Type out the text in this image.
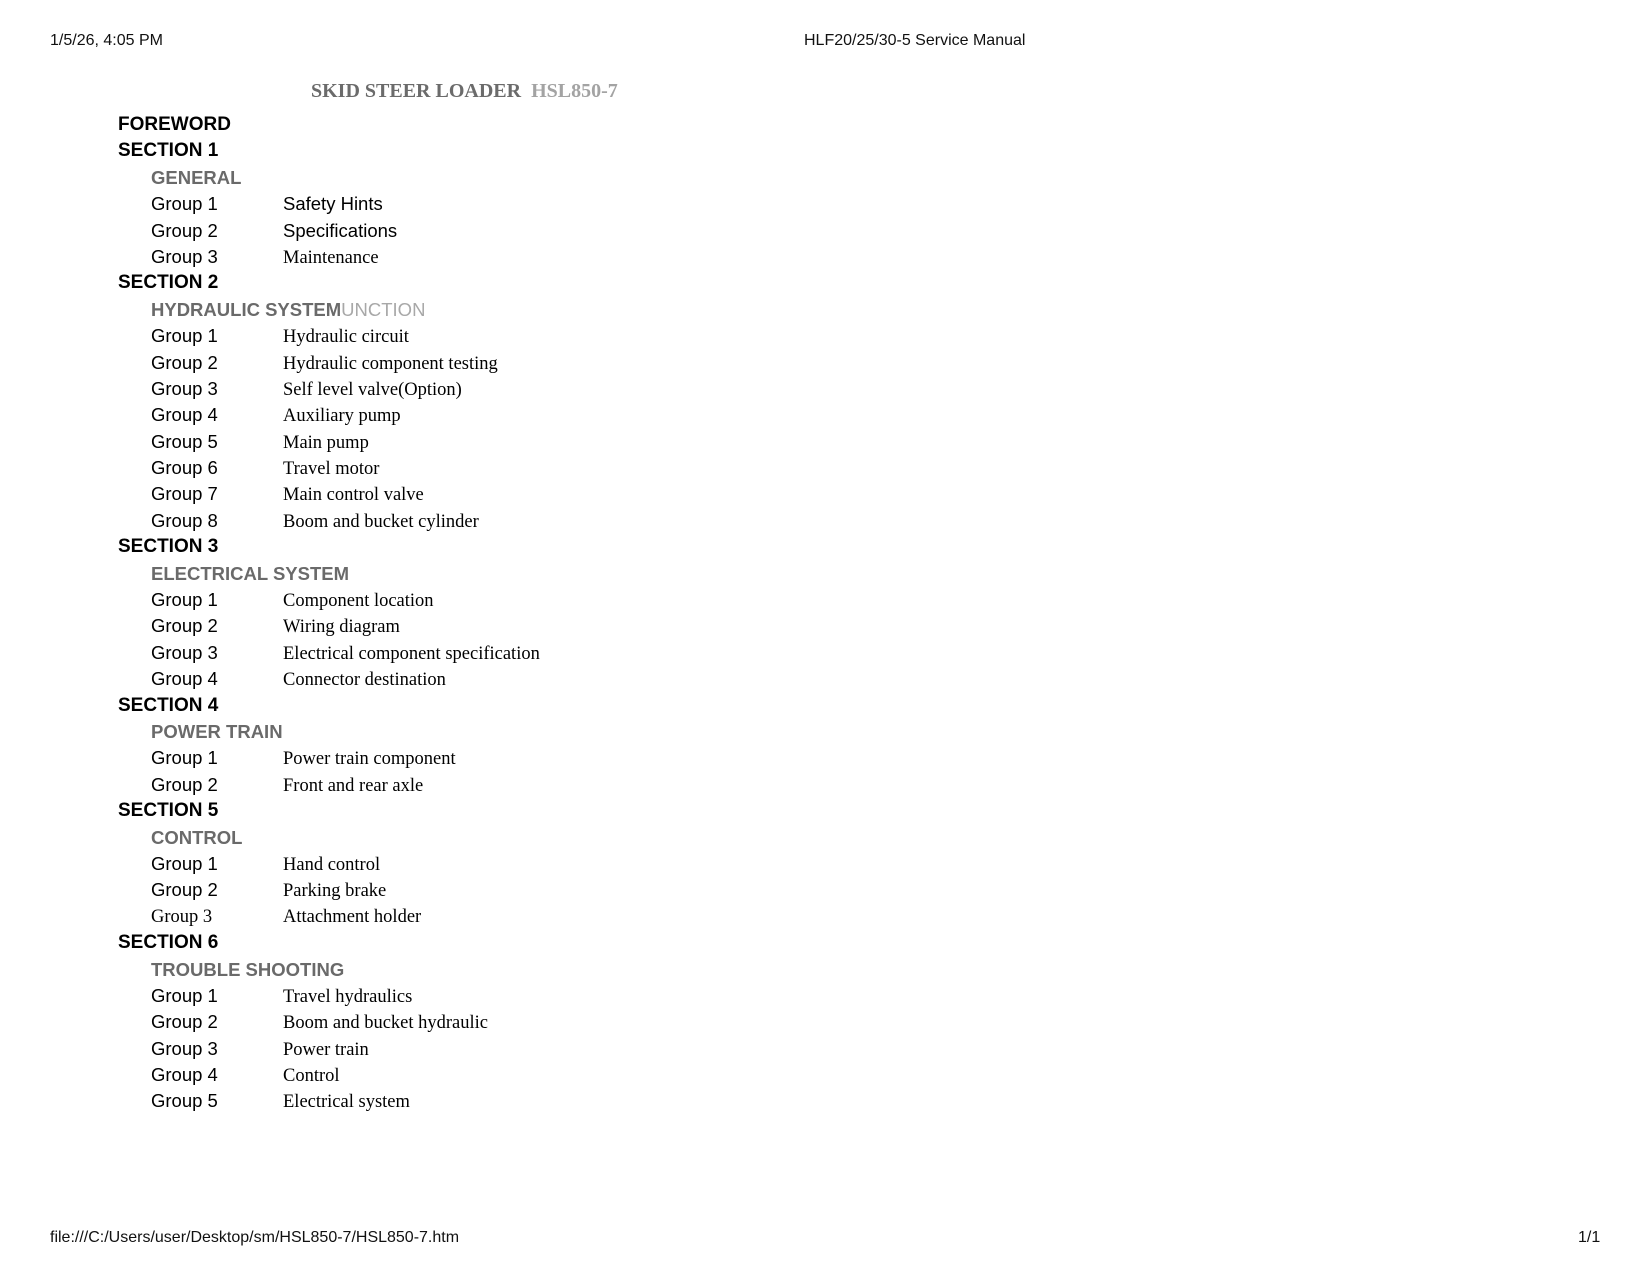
1/5/26, 4:05 PM	HLF20/25/30-5 Service Manual
SKID STEER LOADER HSL850-7
FOREWORD
SECTION 1
GENERAL
Group 1	Safety Hints
Group 2	Specifications
Group 3	Maintenance
SECTION 2
HYDRAULIC SYSTEMUNCTION
Group 1	Hydraulic circuit
Group 2	Hydraulic component testing
Group 3	Self level valve(Option)
Group 4	Auxiliary pump
Group 5	Main pump
Group 6	Travel motor
Group 7	Main control valve
Group 8	Boom and bucket cylinder
SECTION 3
ELECTRICAL SYSTEM
Group 1	Component location
Group 2	Wiring diagram
Group 3	Electrical component specification
Group 4	Connector destination
SECTION 4
POWER TRAIN
Group 1	Power train component
Group 2	Front and rear axle
SECTION 5
CONTROL
Group 1	Hand control
Group 2	Parking brake
Group 3	Attachment holder
SECTION 6
TROUBLE SHOOTING
Group 1	Travel hydraulics
Group 2	Boom and bucket hydraulic
Group 3	Power train
Group 4	Control
Group 5	Electrical system
file:///C:/Users/user/Desktop/sm/HSL850-7/HSL850-7.htm	1/1
